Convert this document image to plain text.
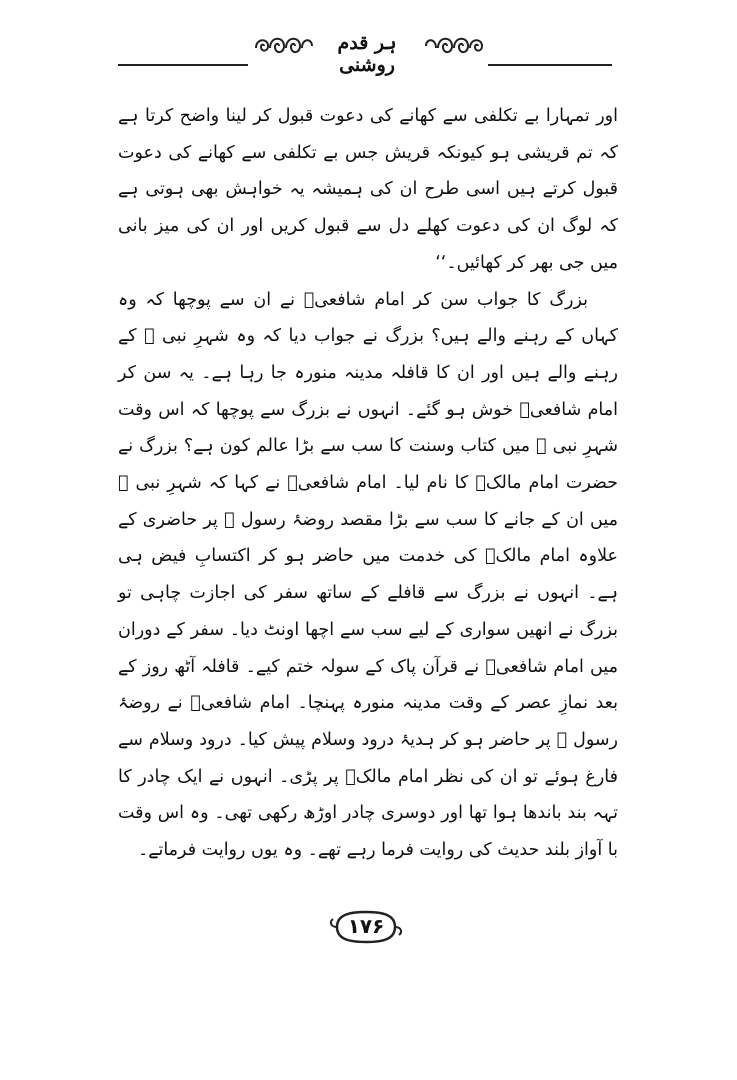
ہر قدم روشنی

اور تمہارا بے تکلفی سے کھانے کی دعوت قبول کر لینا واضح کرتا ہے کہ تم قریشی ہو کیونکہ قریش جس بے تکلفی سے کھانے کی دعوت قبول کرتے ہیں اسی طرح ان کی ہمیشہ یہ خواہش بھی ہوتی ہے کہ لوگ ان کی دعوت کھلے دل سے قبول کریں اور ان کی میز بانی میں جی بھر کر کھائیں۔‘‘

بزرگ کا جواب سن کر امام شافعیؒ نے ان سے پوچھا کہ وہ کہاں کے رہنے والے ہیں؟ بزرگ نے جواب دیا کہ وہ شہرِ نبی ﷺ کے رہنے والے ہیں اور ان کا قافلہ مدینہ منورہ جا رہا ہے۔ یہ سن کر امام شافعیؒ خوش ہو گئے۔ انہوں نے بزرگ سے پوچھا کہ اس وقت شہرِ نبی ﷺ میں کتاب وسنت کا سب سے بڑا عالم کون ہے؟ بزرگ نے حضرت امام مالکؒ کا نام لیا۔ امام شافعیؒ نے کہا کہ شہرِ نبی ﷺ میں ان کے جانے کا سب سے بڑا مقصد روضۂ رسول ﷺ پر حاضری کے علاوہ امام مالکؒ کی خدمت میں حاضر ہو کر اکتسابِ فیض ہی ہے۔ انہوں نے بزرگ سے قافلے کے ساتھ سفر کی اجازت چاہی تو بزرگ نے انھیں سواری کے لیے سب سے اچھا اونٹ دیا۔ سفر کے دوران میں امام شافعیؒ نے قرآن پاک کے سولہ ختم کیے۔ قافلہ آٹھ روز کے بعد نمازِ عصر کے وقت مدینہ منورہ پہنچا۔ امام شافعیؒ نے روضۂ رسول ﷺ پر حاضر ہو کر ہدیۂ درود وسلام پیش کیا۔ درود وسلام سے فارغ ہوئے تو ان کی نظر امام مالکؒ پر پڑی۔ انہوں نے ایک چادر کا تہہ بند باندھا ہوا تھا اور دوسری چادر اوڑھ رکھی تھی۔ وہ اس وقت با آواز بلند حدیث کی روایت فرما رہے تھے۔ وہ یوں روایت فرماتے۔

۱۷۶
